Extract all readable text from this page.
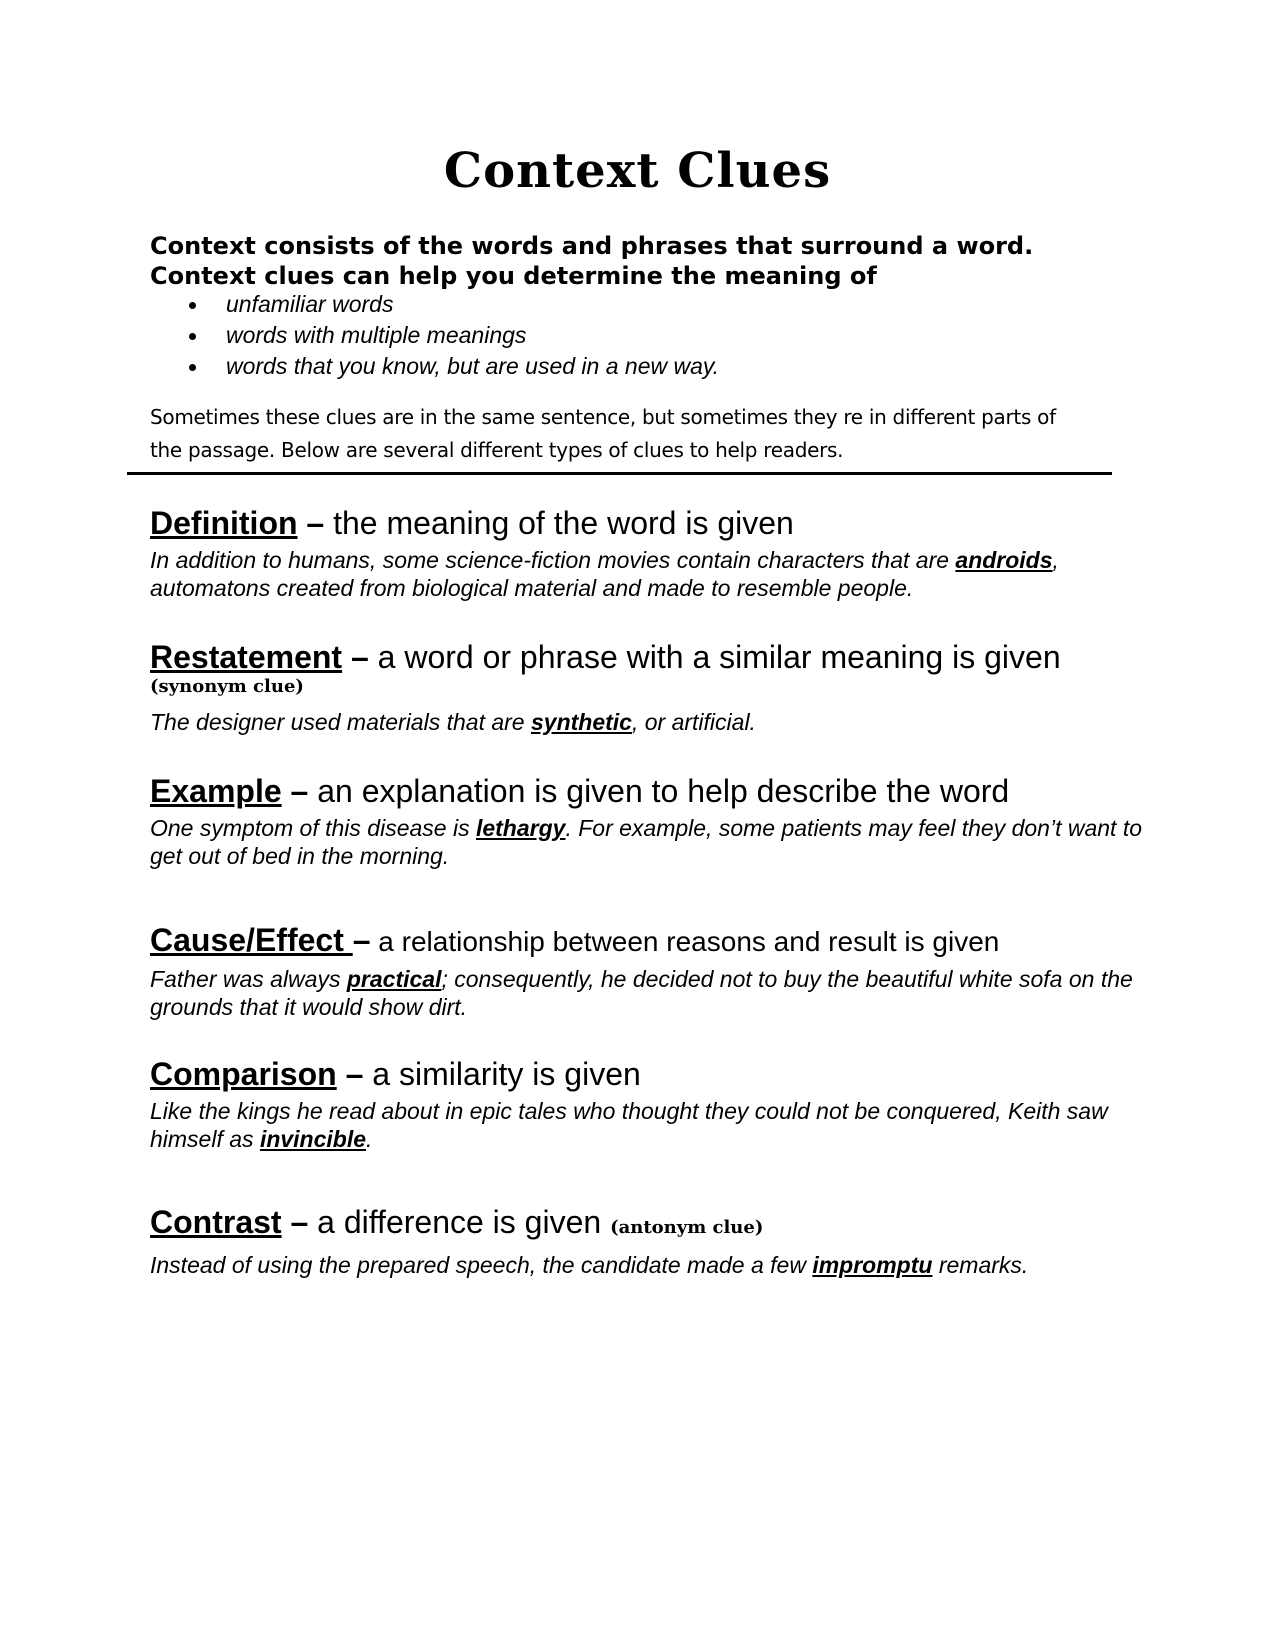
Context Clues
Context consists of the words and phrases that surround a word.
Context clues can help you determine the meaning of
unfamiliar words
words with multiple meanings
words that you know, but are used in a new way.
Sometimes these clues are in the same sentence, but sometimes they re in different parts of
the passage. Below are several different types of clues to help readers.

Definition – the meaning of the word is given

In addition to humans, some science-fiction movies contain characters that are androids, automatons created from biological material and made to resemble people.

Restatement – a word or phrase with a similar meaning is given

(synonym clue)

The designer used materials that are synthetic, or artificial.

Example – an explanation is given to help describe the word

One symptom of this disease is lethargy. For example, some patients may feel they don’t want to get out of bed in the morning.

Cause/Effect – a relationship between reasons and result is given

Father was always practical; consequently, he decided not to buy the beautiful white sofa on the grounds that it would show dirt.

Comparison – a similarity is given

Like the kings he read about in epic tales who thought they could not be conquered, Keith saw himself as invincible.

Contrast – a difference is given (antonym clue)

Instead of using the prepared speech, the candidate made a few impromptu remarks.
